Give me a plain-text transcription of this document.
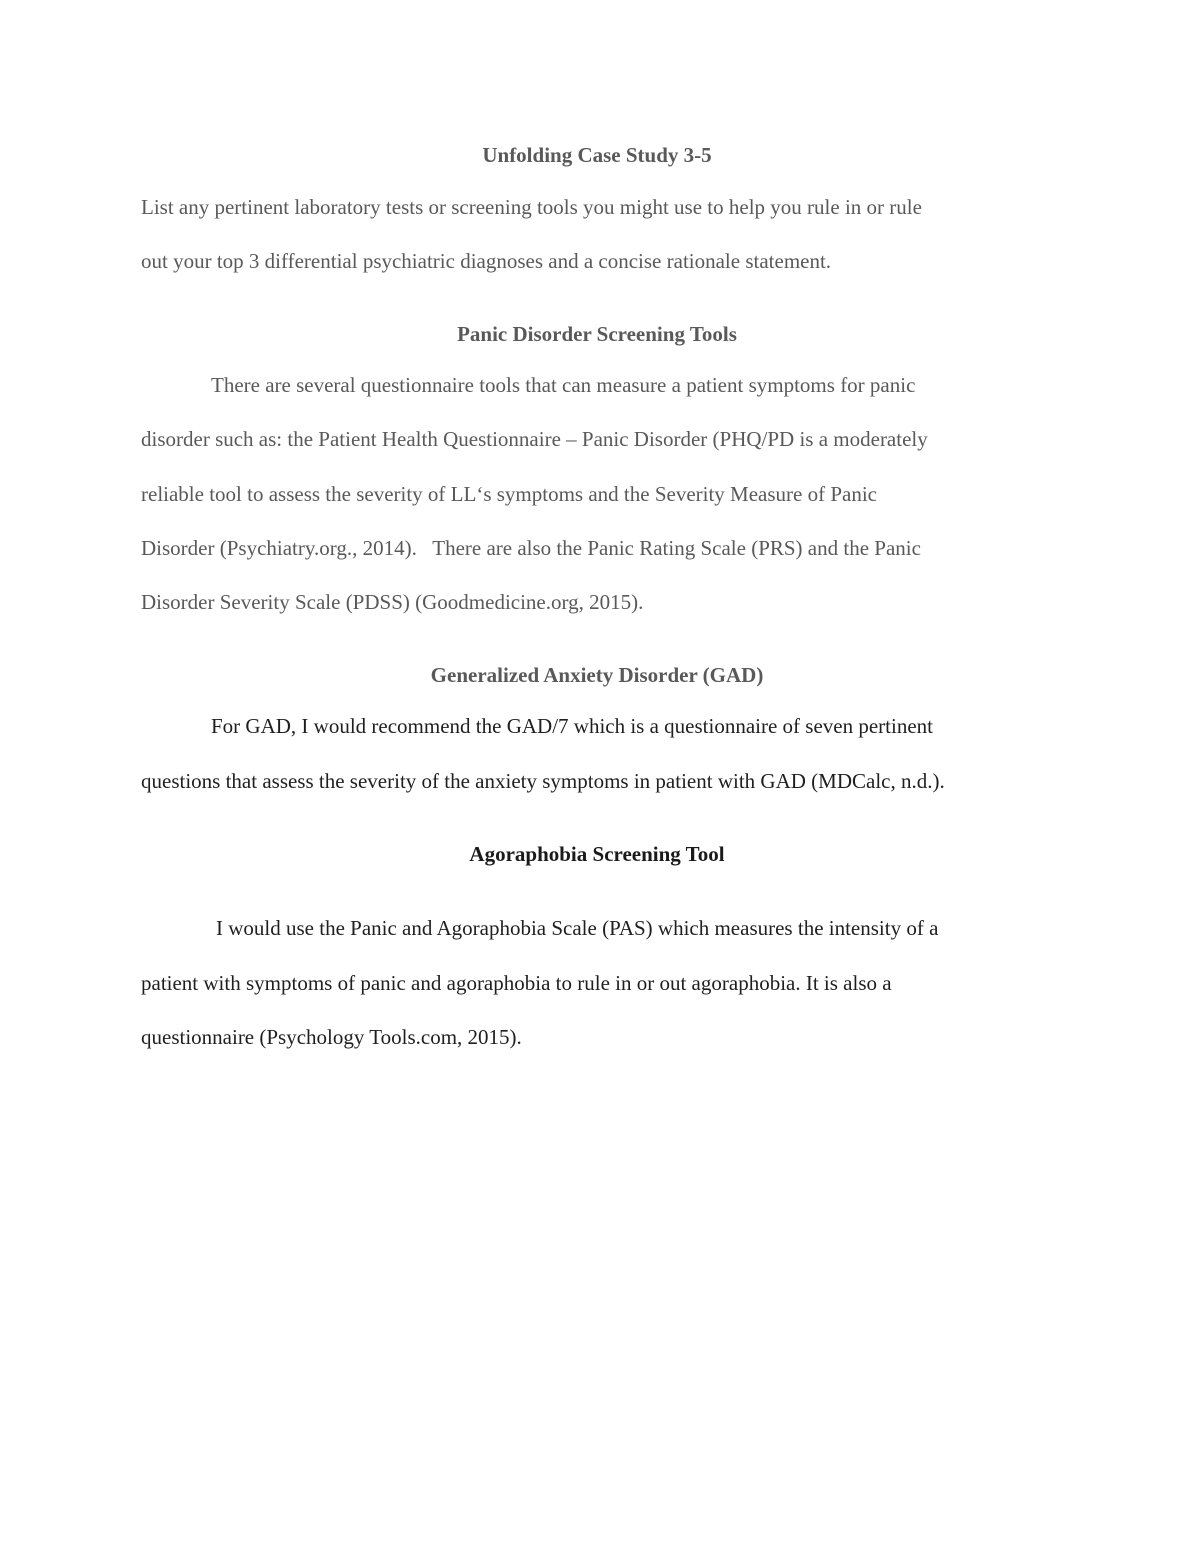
Unfolding Case Study 3-5
List any pertinent laboratory tests or screening tools you might use to help you rule in or rule
out your top 3 differential psychiatric diagnoses and a concise rationale statement.
Panic Disorder Screening Tools
There are several questionnaire tools that can measure a patient symptoms for panic
disorder such as: the Patient Health Questionnaire – Panic Disorder (PHQ/PD is a moderately
reliable tool to assess the severity of LL‘s symptoms and the Severity Measure of Panic
Disorder (Psychiatry.org., 2014).   There are also the Panic Rating Scale (PRS) and the Panic
Disorder Severity Scale (PDSS) (Goodmedicine.org, 2015).
Generalized Anxiety Disorder (GAD)
For GAD, I would recommend the GAD/7 which is a questionnaire of seven pertinent
questions that assess the severity of the anxiety symptoms in patient with GAD (MDCalc, n.d.).
Agoraphobia Screening Tool
I would use the Panic and Agoraphobia Scale (PAS) which measures the intensity of a
patient with symptoms of panic and agoraphobia to rule in or out agoraphobia. It is also a
questionnaire (Psychology Tools.com, 2015).
